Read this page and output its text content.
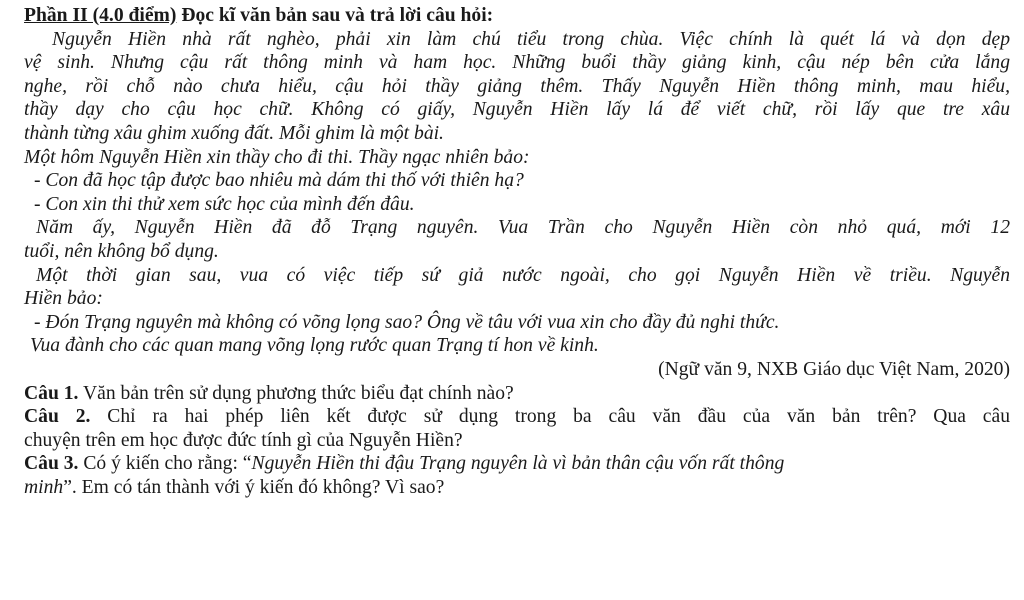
Phần II (4.0 điểm) Đọc kĩ văn bản sau và trả lời câu hỏi:
Nguyễn Hiền nhà rất nghèo, phải xin làm chú tiểu trong chùa. Việc chính là quét lá và dọn dẹp
vệ sinh. Nhưng cậu rất thông minh và ham học. Những buổi thầy giảng kinh, cậu nép bên cửa lắng
nghe, rồi chỗ nào chưa hiểu, cậu hỏi thầy giảng thêm. Thấy Nguyễn Hiền thông minh, mau hiểu,
thầy dạy cho cậu học chữ. Không có giấy, Nguyễn Hiền lấy lá để viết chữ, rồi lấy que tre xâu
thành từng xâu ghim xuống đất. Mỗi ghim là một bài.
Một hôm Nguyễn Hiền xin thầy cho đi thi. Thầy ngạc nhiên bảo:
- Con đã học tập được bao nhiêu mà dám thi thố với thiên hạ?
- Con xin thi thử xem sức học của mình đến đâu.
Năm ấy, Nguyễn Hiền đã đỗ Trạng nguyên. Vua Trần cho Nguyễn Hiền còn nhỏ quá, mới 12
tuổi, nên không bổ dụng.
Một thời gian sau, vua có việc tiếp sứ giả nước ngoài, cho gọi Nguyễn Hiền về triều. Nguyễn
Hiền bảo:
- Đón Trạng nguyên mà không có võng lọng sao? Ông về tâu với vua xin cho đầy đủ nghi thức.
Vua đành cho các quan mang võng lọng rước quan Trạng tí hon về kinh.
(Ngữ văn 9, NXB Giáo dục Việt Nam, 2020)
Câu 1. Văn bản trên sử dụng phương thức biểu đạt chính nào?
Câu 2. Chỉ ra hai phép liên kết được sử dụng trong ba câu văn đầu của văn bản trên? Qua câu
chuyện trên em học được đức tính gì của Nguyễn Hiền?
Câu 3. Có ý kiến cho rằng: “Nguyễn Hiền thi đậu Trạng nguyên là vì bản thân cậu vốn rất thông
minh”. Em có tán thành với ý kiến đó không? Vì sao?
